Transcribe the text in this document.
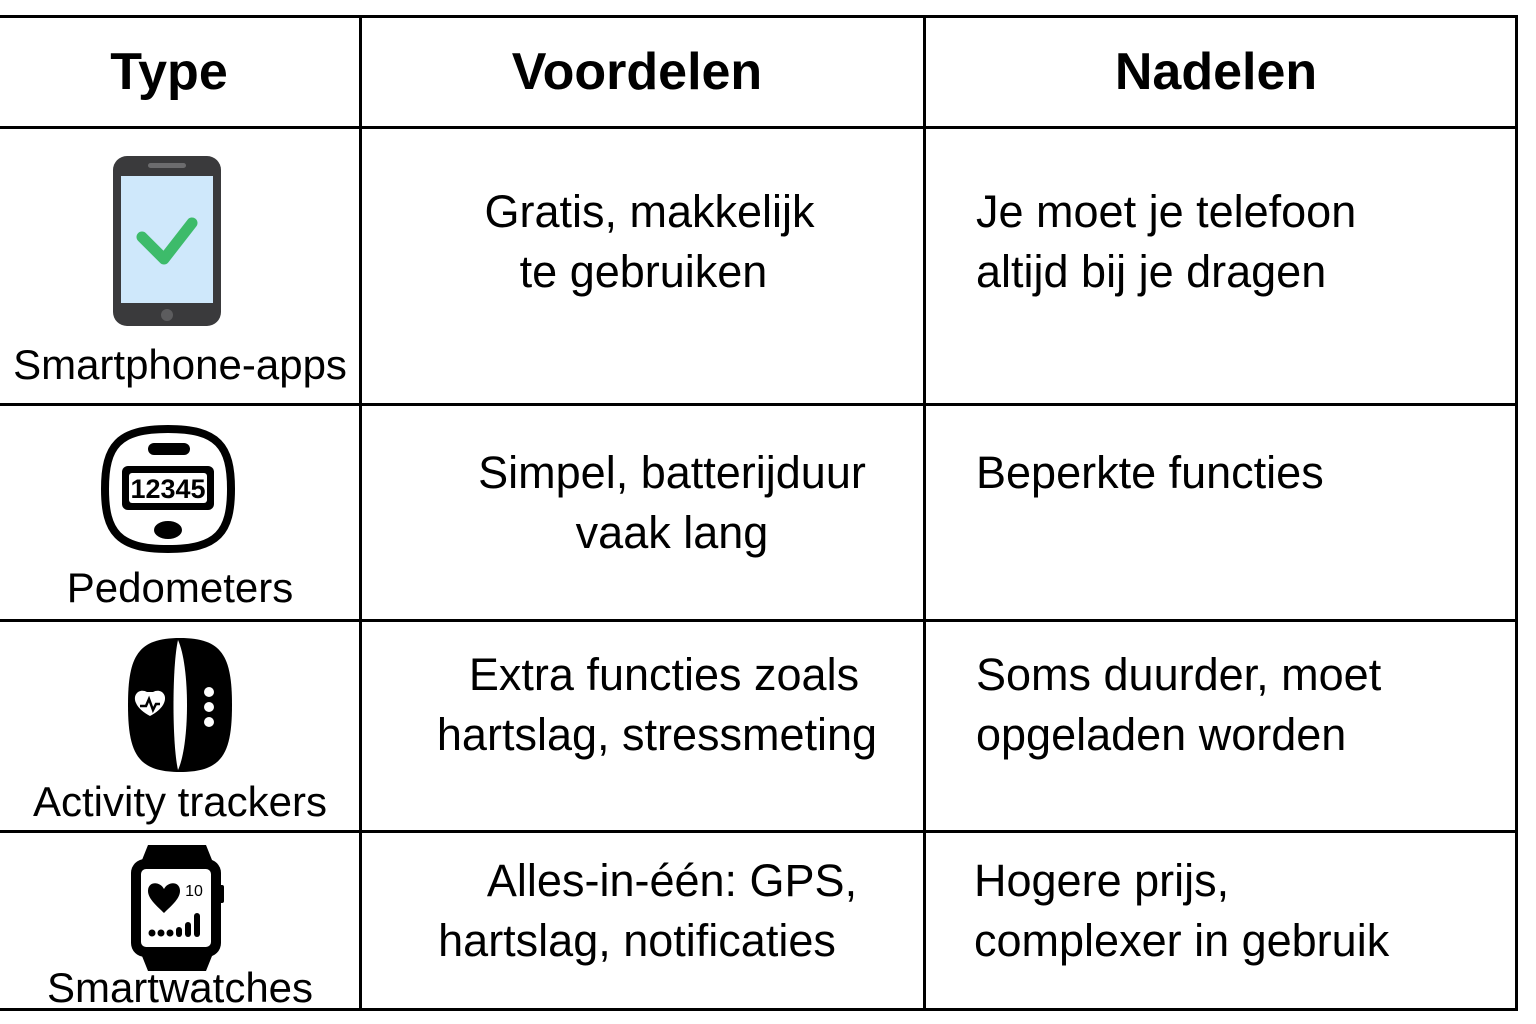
Type	Voordelen	Nadelen
Smartphone-apps
Gratis, makkelijk
te gebruiken
Je moet je telefoon
altijd bij je dragen
12345
Pedometers
Simpel, batterijduur
vaak lang
Beperkte functies
Activity trackers
Extra functies zoals
hartslag, stressmeting
Soms duurder, moet
opgeladen worden
10
Smartwatches
Alles-in-één: GPS,
hartslag, notificaties
Hogere prijs,
complexer in gebruik
